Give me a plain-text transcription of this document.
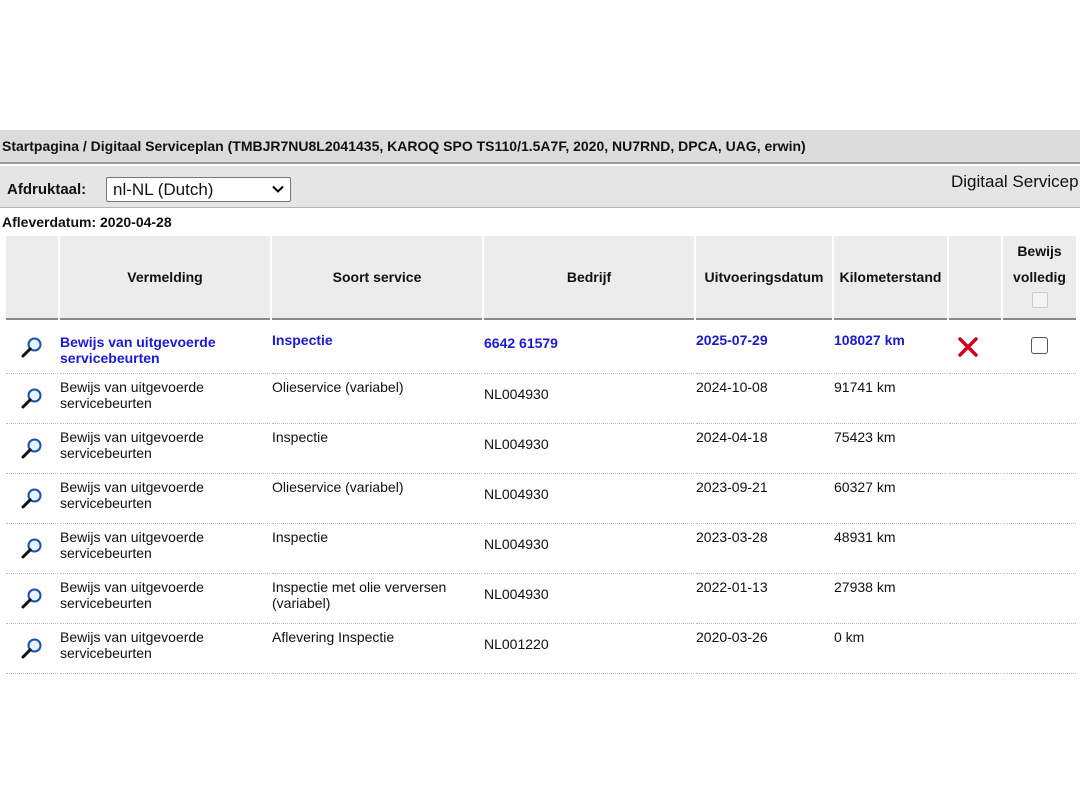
Startpagina / Digitaal Serviceplan (TMBJR7NU8L2041435, KAROQ SPO TS110/1.5A7F, 2020, NU7RND, DPCA, UAG, erwin)
Afdruktaal: nl-NL (Dutch)	Digitaal Servicep
Afleverdatum: 2020-04-28
	Vermelding	Soort service	Bedrijf	Uitvoeringsdatum	Kilometerstand		Bewijs
volledig

	Bewijs van uitgevoerde
servicebeurten	Inspectie	6642 61579	2025-07-29	108027 km		

	Bewijs van uitgevoerde
servicebeurten	Olieservice (variabel)	NL004930	2024-10-08	91741 km		

	Bewijs van uitgevoerde
servicebeurten	Inspectie	NL004930	2024-04-18	75423 km		

	Bewijs van uitgevoerde
servicebeurten	Olieservice (variabel)	NL004930	2023-09-21	60327 km		

	Bewijs van uitgevoerde
servicebeurten	Inspectie	NL004930	2023-03-28	48931 km		

	Bewijs van uitgevoerde
servicebeurten	Inspectie met olie verversen
(variabel)	NL004930	2022-01-13	27938 km		

	Bewijs van uitgevoerde
servicebeurten	Aflevering Inspectie	NL001220	2020-03-26	0 km		
